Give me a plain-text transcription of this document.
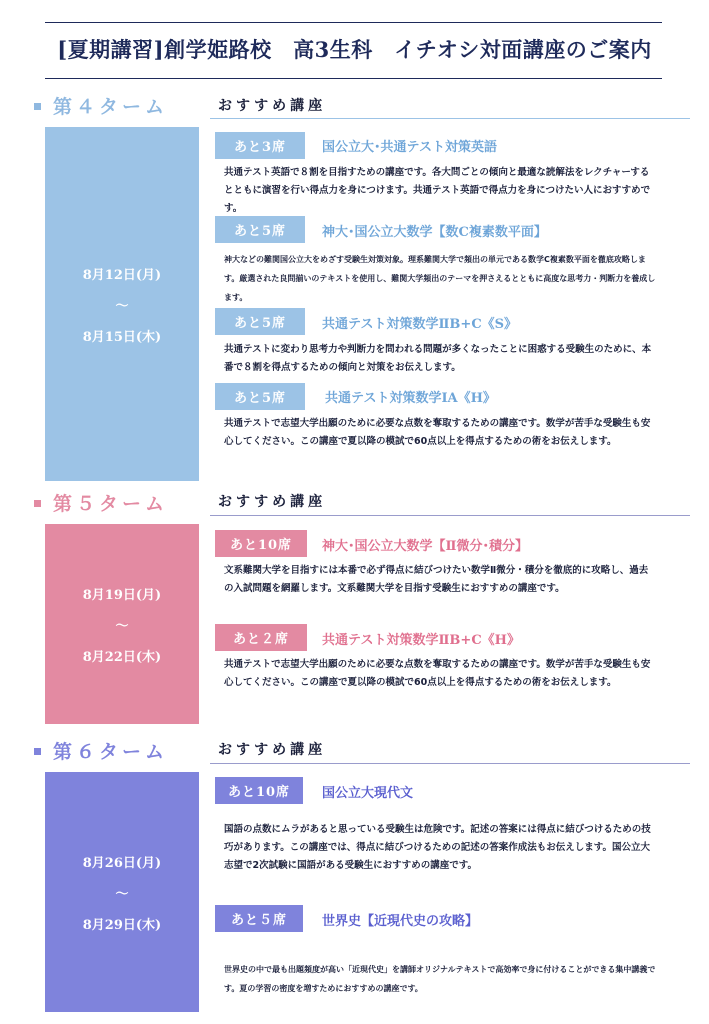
[夏期講習]創学姫路校　高3生科　イチオシ対面講座のご案内
第４ターム	おすすめ講座
8月12日(月)
～
8月15日(木)
あと3席	国公立大･共通テスト対策英語
共通テスト英語で８割を目指すための講座です。各大問ごとの傾向と最適な読解法をレクチャーするとともに演習を行い得点力を身につけます。共通テスト英語で得点力を身につけたい人におすすめです。
あと5席	神大･国公立大数学【数C複素数平面】
神大などの難関国公立大をめざす受験生対策対象。理系難関大学で頻出の単元である数学C複素数平面を徹底攻略します。厳選された良問揃いのテキストを使用し、難関大学頻出のテーマを押さえるとともに高度な思考力・判断力を養成します。
あと5席	共通テスト対策数学ⅡB+C《S》
共通テストに変わり思考力や判断力を問われる問題が多くなったことに困惑する受験生のために、本番で８割を得点するための傾向と対策をお伝えします。
あと5席	共通テスト対策数学ⅠA《H》
共通テストで志望大学出願のために必要な点数を奪取するための講座です。数学が苦手な受験生も安心してください。この講座で夏以降の模試で60点以上を得点するための術をお伝えします。
第５ターム	おすすめ講座
8月19日(月)
～
8月22日(木)
あと10席	神大･国公立大数学【Ⅱ微分･積分】
文系難関大学を目指すには本番で必ず得点に結びつけたい数学Ⅱ微分・積分を徹底的に攻略し、過去の入試問題を網羅します。文系難関大学を目指す受験生におすすめの講座です。
あと２席	共通テスト対策数学ⅡB+C《H》
共通テストで志望大学出願のために必要な点数を奪取するための講座です。数学が苦手な受験生も安心してください。この講座で夏以降の模試で60点以上を得点するための術をお伝えします。
第６ターム	おすすめ講座
8月26日(月)
～
8月29日(木)
あと10席	国公立大現代文
国語の点数にムラがあると思っている受験生は危険です。記述の答案には得点に結びつけるための技巧があります。この講座では、得点に結びつけるための記述の答案作成法もお伝えします。国公立大志望で2次試験に国語がある受験生におすすめの講座です。
あと５席	世界史【近現代史の攻略】
世界史の中で最も出題頻度が高い「近現代史」を講師オリジナルテキストで高効率で身に付けることができる集中講義です。夏の学習の密度を増すためにおすすめの講座です。
